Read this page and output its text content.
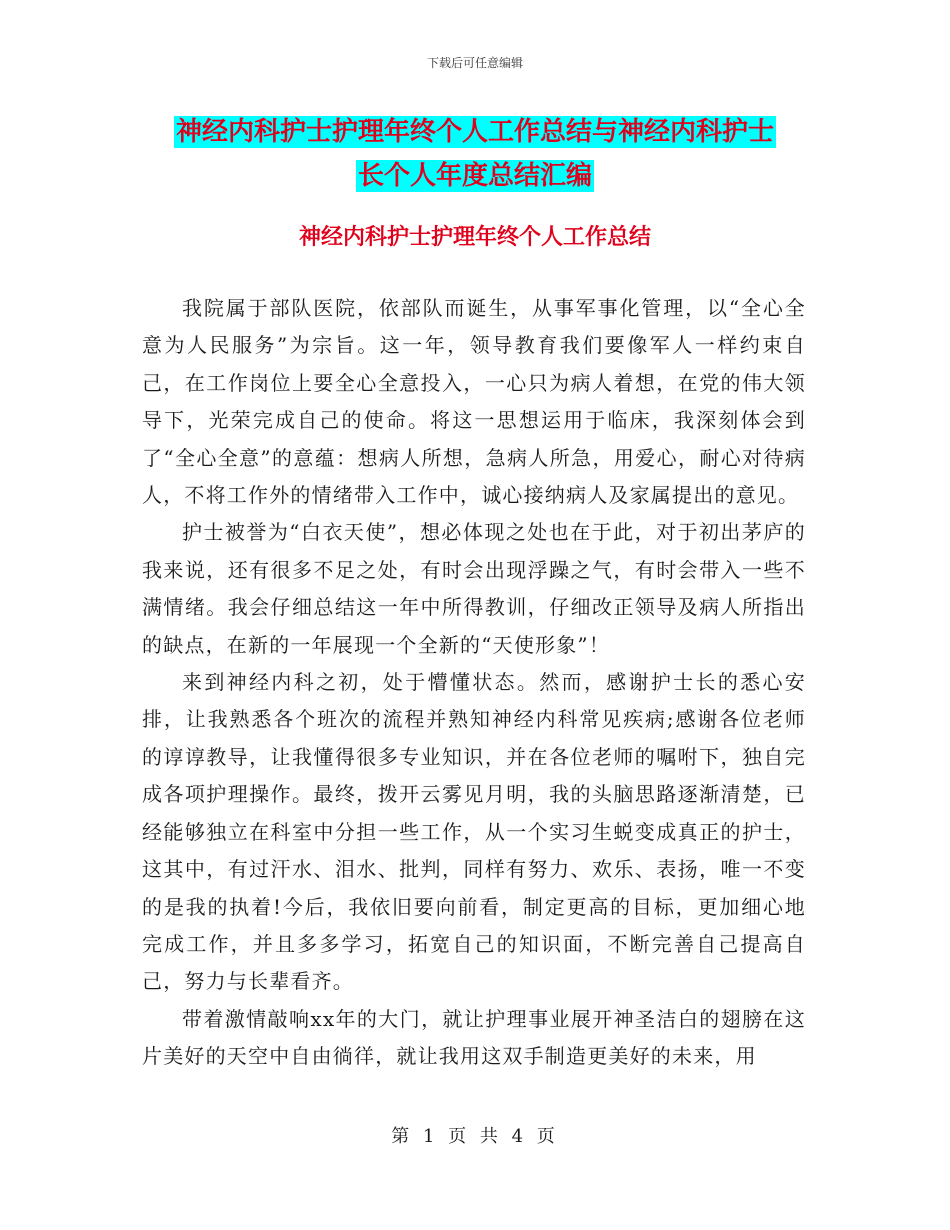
下载后可任意编辑
神经内科护士护理年终个人工作总结与神经内科护士
长个人年度总结汇编
神经内科护士护理年终个人工作总结

我院属于部队医院，依部队而诞生，从事军事化管理，以“全心全意为人民服务”为宗旨。这一年，领导教育我们要像军人一样约束自己，在工作岗位上要全心全意投入，一心只为病人着想，在党的伟大领导下，光荣完成自己的使命。将这一思想运用于临床，我深刻体会到了“全心全意”的意蕴：想病人所想，急病人所急，用爱心，耐心对待病人，不将工作外的情绪带入工作中，诚心接纳病人及家属提出的意见。

护士被誉为“白衣天使”，想必体现之处也在于此，对于初出茅庐的我来说，还有很多不足之处，有时会出现浮躁之气，有时会带入一些不满情绪。我会仔细总结这一年中所得教训，仔细改正领导及病人所指出的缺点，在新的一年展现一个全新的“天使形象”！

来到神经内科之初，处于懵懂状态。然而，感谢护士长的悉心安排，让我熟悉各个班次的流程并熟知神经内科常见疾病;感谢各位老师的谆谆教导，让我懂得很多专业知识，并在各位老师的嘱咐下，独自完成各项护理操作。最终，拨开云雾见月明，我的头脑思路逐渐清楚，已经能够独立在科室中分担一些工作，从一个实习生蜕变成真正的护士，这其中，有过汗水、泪水、批判，同样有努力、欢乐、表扬，唯一不变的是我的执着!今后，我依旧要向前看，制定更高的目标，更加细心地完成工作，并且多多学习，拓宽自己的知识面，不断完善自己提高自己，努力与长辈看齐。

带着激情敲响xx年的大门，就让护理事业展开神圣洁白的翅膀在这片美好的天空中自由徜徉，就让我用这双手制造更美好的未来，用

第 1 页 共 4 页
